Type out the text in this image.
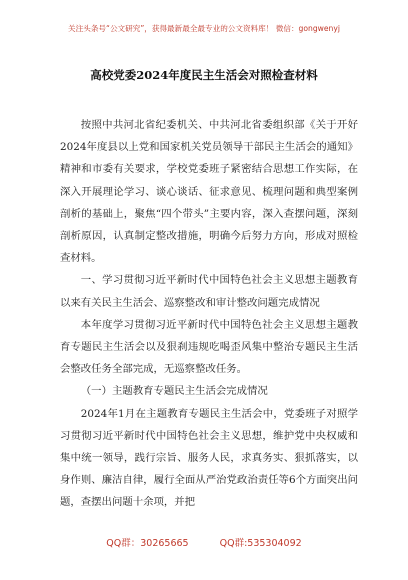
关注头条号“公文研究”，获得最新最全最专业的公文资料库！ 微信：gongwenyj
高校党委2024年度民主生活会对照检查材料

按照中共河北省纪委机关、中共河北省委组织部《关于开好2024年度县以上党和国家机关党员领导干部民主生活会的通知》精神和市委有关要求，学校党委班子紧密结合思想工作实际，在深入开展理论学习、谈心谈话、征求意见、梳理问题和典型案例剖析的基础上，聚焦“四个带头”主要内容，深入查摆问题，深刻剖析原因，认真制定整改措施，明确今后努力方向，形成对照检查材料。

一、学习贯彻习近平新时代中国特色社会主义思想主题教育以来有关民主生活会、巡察整改和审计整改问题完成情况

本年度学习贯彻习近平新时代中国特色社会主义思想主题教育专题民主生活会以及狠刹违规吃喝歪风集中整治专题民主生活会整改任务全部完成，无巡察整改任务。

（一）主题教育专题民主生活会完成情况

2024年1月在主题教育专题民主生活会中，党委班子对照学习贯彻习近平新时代中国特色社会主义思想，维护党中央权威和集中统一领导，践行宗旨、服务人民，求真务实、狠抓落实，以身作则、廉洁自律，履行全面从严治党政治责任等6个方面突出问题，查摆出问题十余项，并把

QQ群：30265665	QQ群:535304092
